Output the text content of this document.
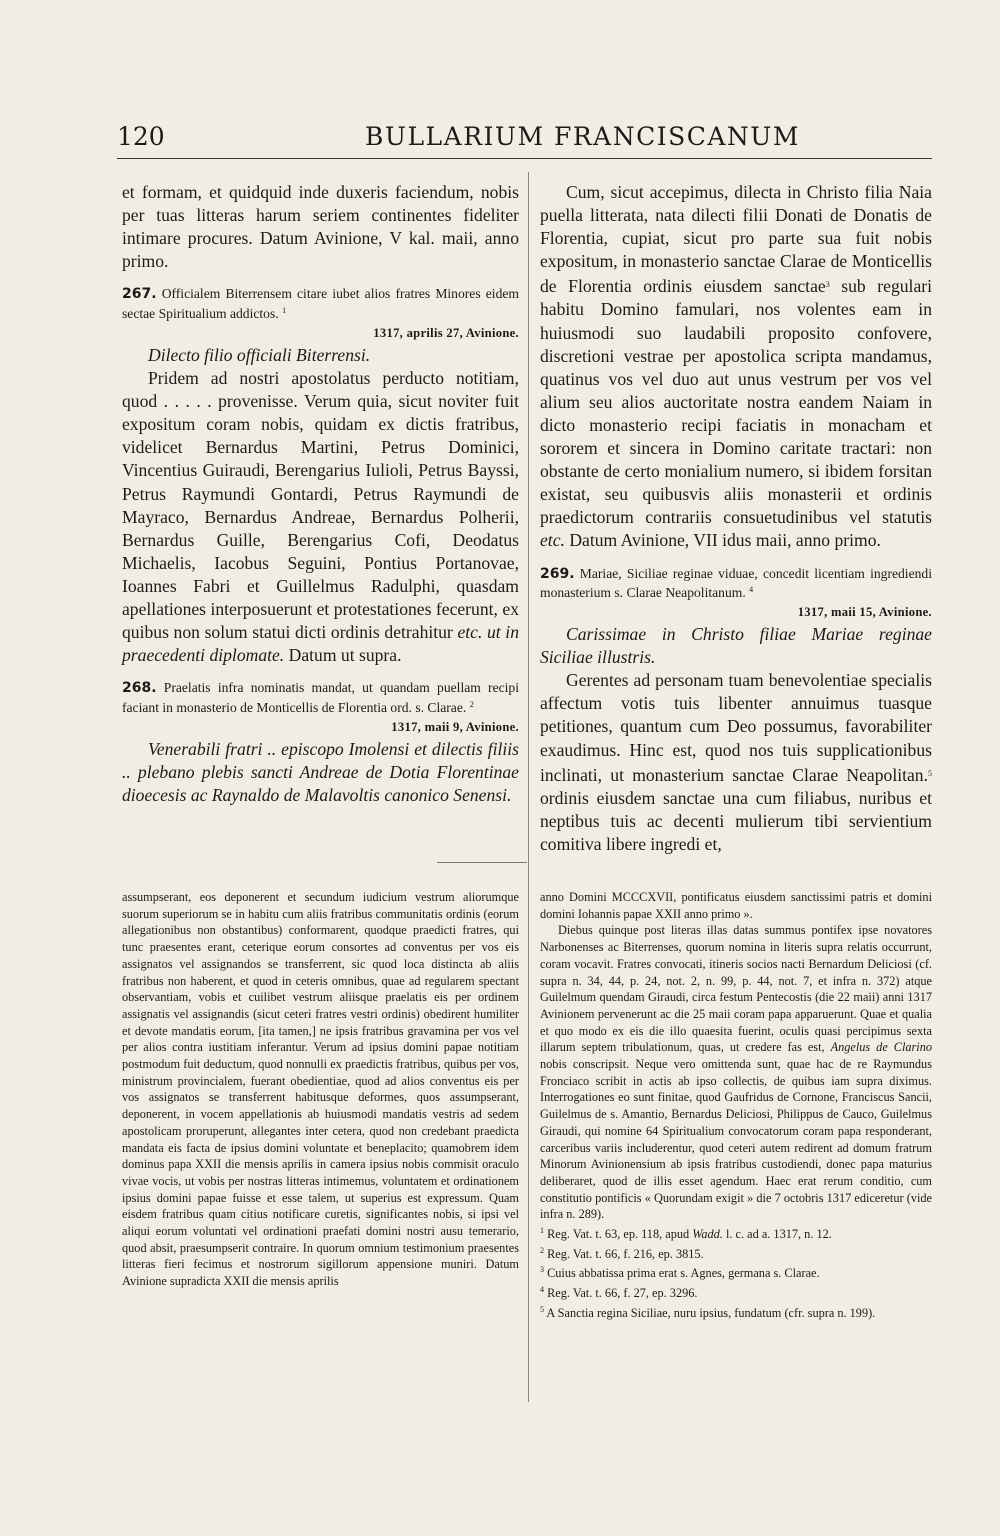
120	BULLARIUM FRANCISCANUM

et formam, et quidquid inde duxeris faciendum, nobis per tuas litteras harum seriem continentes fideliter intimare procures. Datum Avinione, V kal. maii, anno primo.

267. Officialem Biterrensem citare iubet alios fratres Minores eidem sectae Spiritualium addictos. $^1$
1317, aprilis 27, Avinione.

Dilecto filio officiali Biterrensi.

Pridem ad nostri apostolatus perducto notitiam, quod . . . . . provenisse. Verum quia, sicut noviter fuit expositum coram nobis, quidam ex dictis fratribus, videlicet Bernardus Martini, Petrus Dominici, Vincentius Guiraudi, Berengarius Iulioli, Petrus Bayssi, Petrus Raymundi Gontardi, Petrus Raymundi de Mayraco, Bernardus Andreae, Bernardus Polherii, Bernardus Guille, Berengarius Cofi, Deodatus Michaelis, Iacobus Seguini, Pontius Portanovae, Ioannes Fabri et Guillelmus Radulphi, quasdam apellationes interposuerunt et protestationes fecerunt, ex quibus non solum statui dicti ordinis detrahitur etc. ut in praecedenti diplomate. Datum ut supra.

268. Praelatis infra nominatis mandat, ut quandam puellam recipi faciant in monasterio de Monticellis de Florentia ord. s. Clarae. $^2$
1317, maii 9, Avinione.

Venerabili fratri .. episcopo Imolensi et dilectis filiis .. plebano plebis sancti Andreae de Dotia Florentinae dioecesis ac Raynaldo de Malavoltis canonico Senensi.

Cum, sicut accepimus, dilecta in Christo filia Naia puella litterata, nata dilecti filii Donati de Donatis de Florentia, cupiat, sicut pro parte sua fuit nobis expositum, in monasterio sanctae Clarae de Monticellis de Florentia ordinis eiusdem sanctae$^3$ sub regulari habitu Domino famulari, nos volentes eam in huiusmodi suo laudabili proposito confovere, discretioni vestrae per apostolica scripta mandamus, quatinus vos vel duo aut unus vestrum per vos vel alium seu alios auctoritate nostra eandem Naiam in dicto monasterio recipi faciatis in monacham et sororem et sincera in Domino caritate tractari: non obstante de certo monialium numero, si ibidem forsitan existat, seu quibusvis aliis monasterii et ordinis praedictorum contrariis consuetudinibus vel statutis etc. Datum Avinione, VII idus maii, anno primo.

269. Mariae, Siciliae reginae viduae, concedit licentiam ingrediendi monasterium s. Clarae Neapolitanum. $^4$
1317, maii 15, Avinione.

Carissimae in Christo filiae Mariae reginae Siciliae illustris.

Gerentes ad personam tuam benevolentiae specialis affectum votis tuis libenter annuimus tuasque petitiones, quantum cum Deo possumus, favorabiliter exaudimus. Hinc est, quod nos tuis supplicationibus inclinati, ut monasterium sanctae Clarae Neapolitan.$^5$ ordinis eiusdem sanctae una cum filiabus, nuribus et neptibus tuis ac decenti mulierum tibi servientium comitiva libere ingredi et,

assumpserant, eos deponerent et secundum iudicium vestrum aliorumque suorum superiorum se in habitu cum aliis fratribus communitatis ordinis (eorum allegationibus non obstantibus) conformarent, quodque praedicti fratres, qui tunc praesentes erant, ceterique eorum consortes ad conventus per vos eis assignatos vel assignandos se transferrent, sic quod loca distincta ab aliis fratribus non haberent, et quod in ceteris omnibus, quae ad regularem spectant observantiam, vobis et cuilibet vestrum aliisque praelatis eis per ordinem assignatis vel assignandis (sicut ceteri fratres vestri ordinis) obedirent humiliter et devote mandatis eorum, [ita tamen,] ne ipsis fratribus gravamina per vos vel per alios contra iustitiam inferantur. Verum ad ipsius domini papae notitiam postmodum fuit deductum, quod nonnulli ex praedictis fratribus, quibus per vos, ministrum provincialem, fuerant obedientiae, quod ad alios conventus eis per vos assignatos se transferrent habitusque deformes, quos assumpserant, deponerent, in vocem appellationis ab huiusmodi mandatis vestris ad sedem apostolicam proruperunt, allegantes inter cetera, quod non credebant praedicta mandata eis facta de ipsius domini voluntate et beneplacito; quamobrem idem dominus papa XXII die mensis aprilis in camera ipsius nobis commisit oraculo vivae vocis, ut vobis per nostras litteras intimemus, voluntatem et ordinationem ipsius domini papae fuisse et esse talem, ut superius est expressum. Quam eisdem fratribus quam citius notificare curetis, significantes nobis, si ipsi vel aliqui eorum voluntati vel ordinationi praefati domini nostri ausu temerario, quod absit, praesumpserit contraire. In quorum omnium testimonium praesentes litteras fieri fecimus et nostrorum sigillorum appensione muniri. Datum Avinione supradicta XXII die mensis aprilis

anno Domini MCCCXVII, pontificatus eiusdem sanctissimi patris et domini domini Iohannis papae XXII anno primo ».

Diebus quinque post literas illas datas summus pontifex ipse novatores Narbonenses ac Biterrenses, quorum nomina in literis supra relatis occurrunt, coram vocavit. Fratres convocati, itineris socios nacti Bernardum Deliciosi (cf. supra n. 34, 44, p. 24, not. 2, n. 99, p. 44, not. 7, et infra n. 372) atque Guilelmum quendam Giraudi, circa festum Pentecostis (die 22 maii) anni 1317 Avinionem pervenerunt ac die 25 maii coram papa apparuerunt. Quae et qualia et quo modo ex eis die illo quaesita fuerint, oculis quasi percipimus sexta illarum septem tribulationum, quas, ut credere fas est, Angelus de Clarino nobis conscripsit. Neque vero omittenda sunt, quae hac de re Raymundus Fronciaco scribit in actis ab ipso collectis, de quibus iam supra diximus. Interrogationes eo sunt finitae, quod Gaufridus de Cornone, Franciscus Sancii, Guilelmus de s. Amantio, Bernardus Deliciosi, Philippus de Cauco, Guilelmus Giraudi, qui nomine 64 Spiritualium convocatorum coram papa responderant, carceribus variis includerentur, quod ceteri autem redirent ad domum fratrum Minorum Avinionensium ab ipsis fratribus custodiendi, donec papa maturius deliberaret, quod de illis esset agendum. Haec erat rerum conditio, cum constitutio pontificis « Quorundam exigit » die 7 octobris 1317 ediceretur (vide infra n. 289).

$^1$ Reg. Vat. t. 63, ep. 118, apud Wadd. l. c. ad a. 1317, n. 12.
$^2$ Reg. Vat. t. 66, f. 216, ep. 3815.
$^3$ Cuius abbatissa prima erat s. Agnes, germana s. Clarae.
$^4$ Reg. Vat. t. 66, f. 27, ep. 3296.
$^5$ A Sanctia regina Siciliae, nuru ipsius, fundatum (cfr. supra n. 199).
